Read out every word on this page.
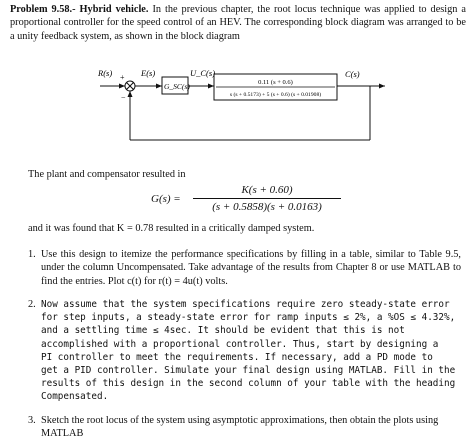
Problem 9.58.- Hybrid vehicle. In the previous chapter, the root locus technique was applied to design a proportional controller for the speed control of an HEV. The corresponding block diagram was arranged to be a unity feedback system, as shown in the block diagram
R(s) +
−
E(s)
G_SC(s)
U_C(s)
0.11 (s + 0.6)
s (s + 0.5173) + 5 (s + 0.6) (s + 0.01908)
C(s)
The plant and compensator resulted in
G(s) =
K(s + 0.60)
(s + 0.5858)(s + 0.0163)
and it was found that K = 0.78 resulted in a critically damped system.
1. Use this design to itemize the performance specifications by filling in a table, similar to Table 9.5, under the column Uncompensated. Take advantage of the results from Chapter 8 or use MATLAB to find the entries. Plot c(t) for r(t) = 4u(t) volts.
2. Now assume that the system specifications require zero steady-state error
for step inputs, a steady-state error for ramp inputs ≤ 2%, a %OS ≤ 4.32%,
and a settling time ≤ 4sec. It should be evident that this is not
accomplished with a proportional controller. Thus, start by designing a
PI controller to meet the requirements. If necessary, add a PD mode to
get a PID controller. Simulate your final design using MATLAB. Fill in the
results of this design in the second column of your table with the heading
Compensated.
3. Sketch the root locus of the system using asymptotic approximations, then obtain the plots using MATLAB
